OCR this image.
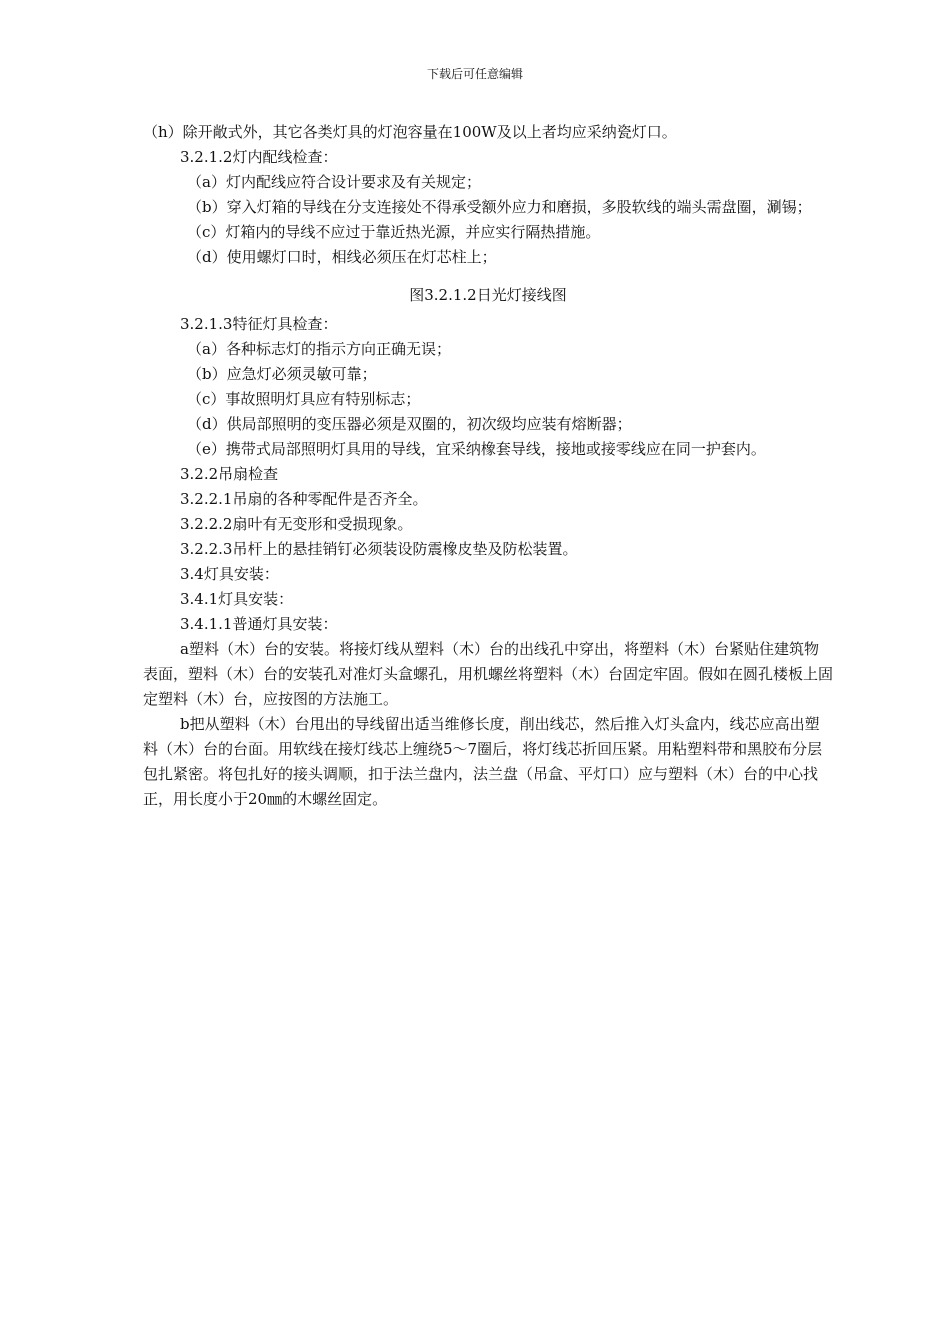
下载后可任意编辑

（h）除开敞式外，其它各类灯具的灯泡容量在100W及以上者均应采纳瓷灯口。

3.2.1.2灯内配线检查：

（a）灯内配线应符合设计要求及有关规定；

（b）穿入灯箱的导线在分支连接处不得承受额外应力和磨损，多股软线的端头需盘圈，涮锡；

（c）灯箱内的导线不应过于靠近热光源，并应实行隔热措施。

（d）使用螺灯口时，相线必须压在灯芯柱上；

图3.2.1.2日光灯接线图

3.2.1.3特征灯具检查：

（a）各种标志灯的指示方向正确无误；

（b）应急灯必须灵敏可靠；

（c）事故照明灯具应有特别标志；

（d）供局部照明的变压器必须是双圈的，初次级均应装有熔断器；

（e）携带式局部照明灯具用的导线，宜采纳橡套导线，接地或接零线应在同一护套内。

3.2.2吊扇检查

3.2.2.1吊扇的各种零配件是否齐全。

3.2.2.2扇叶有无变形和受损现象。

3.2.2.3吊杆上的悬挂销钉必须装设防震橡皮垫及防松装置。

3.4灯具安装：

3.4.1灯具安装：

3.4.1.1普通灯具安装：

a塑料（木）台的安装。将接灯线从塑料（木）台的出线孔中穿出，将塑料（木）台紧贴住建筑物表面，塑料（木）台的安装孔对准灯头盒螺孔，用机螺丝将塑料（木）台固定牢固。假如在圆孔楼板上固定塑料（木）台，应按图的方法施工。

b把从塑料（木）台甩出的导线留出适当维修长度，削出线芯，然后推入灯头盒内，线芯应高出塑料（木）台的台面。用软线在接灯线芯上缠绕5～7圈后，将灯线芯折回压紧。用粘塑料带和黑胶布分层包扎紧密。将包扎好的接头调顺，扣于法兰盘内，法兰盘（吊盒、平灯口）应与塑料（木）台的中心找正，用长度小于20㎜的木螺丝固定。
